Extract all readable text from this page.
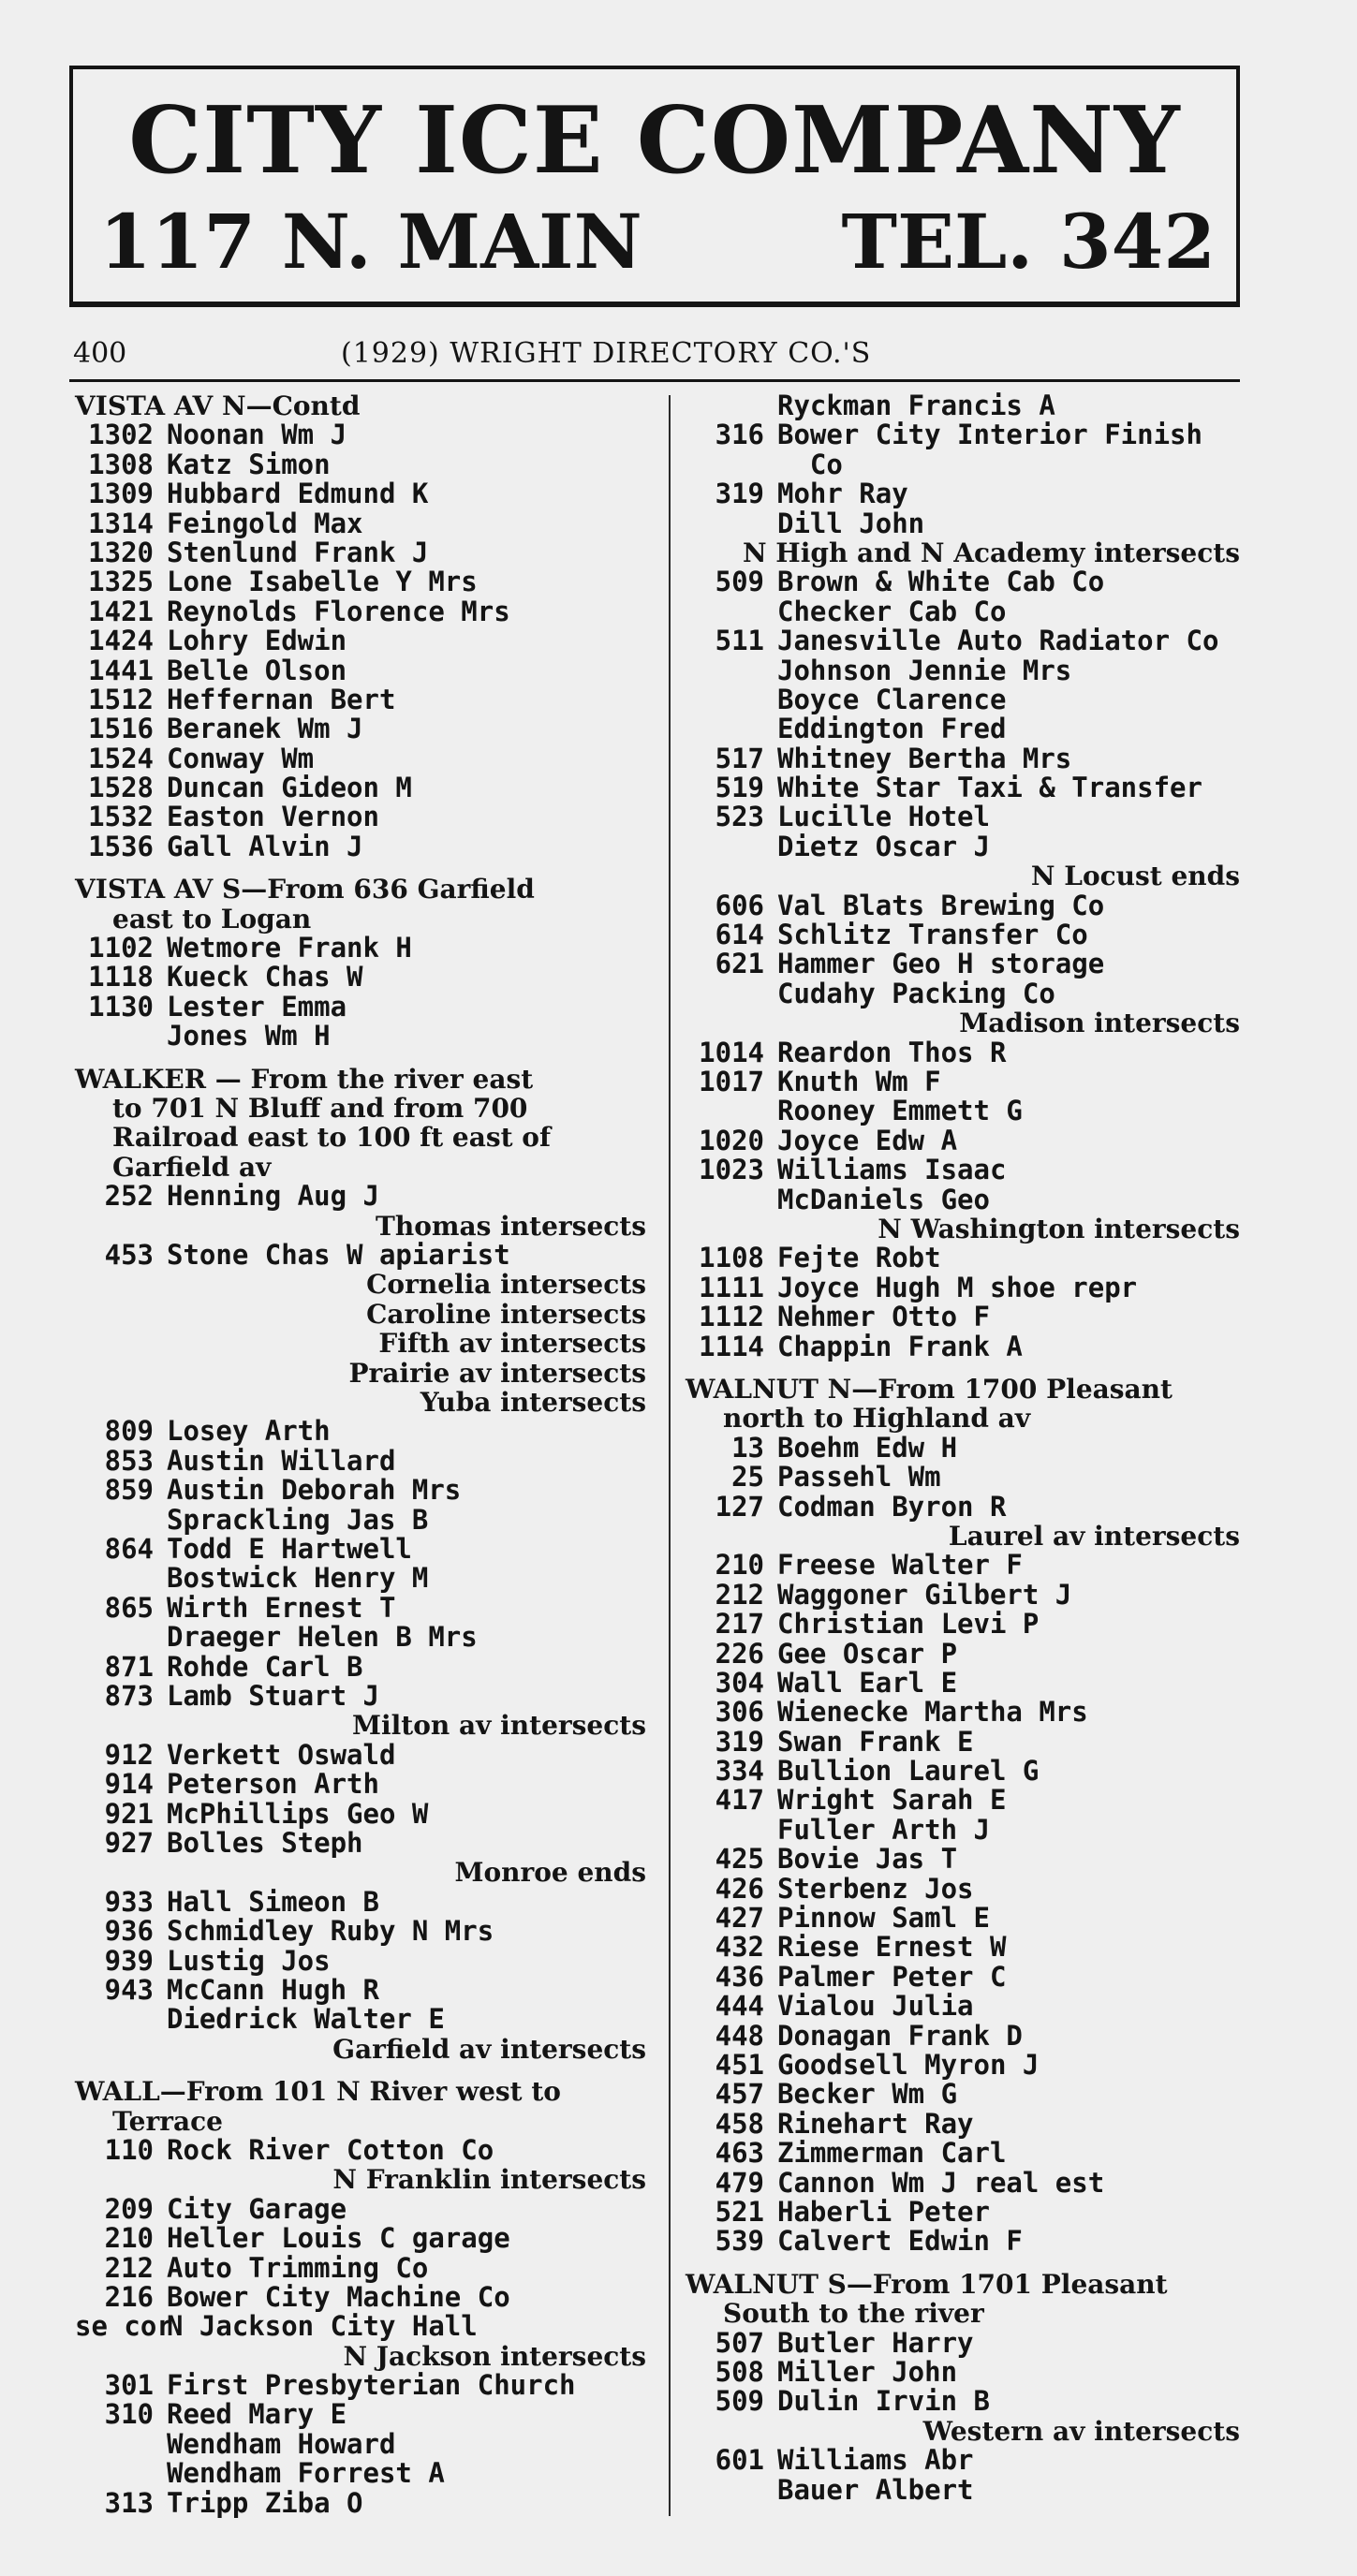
CITY ICE COMPANY
117 N. MAIN	TEL. 342
400	(1929) WRIGHT DIRECTORY CO.'S
VISTA AV N—Contd
1302 Noonan Wm J
1308 Katz Simon
1309 Hubbard Edmund K
1314 Feingold Max
1320 Stenlund Frank J
1325 Lone Isabelle Y Mrs
1421 Reynolds Florence Mrs
1424 Lohry Edwin
1441 Belle Olson
1512 Heffernan Bert
1516 Beranek Wm J
1524 Conway Wm
1528 Duncan Gideon M
1532 Easton Vernon
1536 Gall Alvin J
VISTA AV S—From 636 Garfield
east to Logan
1102 Wetmore Frank H
1118 Kueck Chas W
1130 Lester Emma
Jones Wm H
WALKER — From the river east
to 701 N Bluff and from 700
Railroad east to 100 ft east of
Garfield av
252 Henning Aug J
Thomas intersects
453 Stone Chas W apiarist
Cornelia intersects
Caroline intersects
Fifth av intersects
Prairie av intersects
Yuba intersects
809 Losey Arth
853 Austin Willard
859 Austin Deborah Mrs
Sprackling Jas B
864 Todd E Hartwell
Bostwick Henry M
865 Wirth Ernest T
Draeger Helen B Mrs
871 Rohde Carl B
873 Lamb Stuart J
Milton av intersects
912 Verkett Oswald
914 Peterson Arth
921 McPhillips Geo W
927 Bolles Steph
Monroe ends
933 Hall Simeon B
936 Schmidley Ruby N Mrs
939 Lustig Jos
943 McCann Hugh R
Diedrick Walter E
Garfield av intersects
WALL—From 101 N River west to
Terrace
110 Rock River Cotton Co
N Franklin intersects
209 City Garage
210 Heller Louis C garage
212 Auto Trimming Co
216 Bower City Machine Co
se corN Jackson City Hall
N Jackson intersects
301 First Presbyterian Church
310 Reed Mary E
Wendham Howard
Wendham Forrest A
313 Tripp Ziba O
Ryckman Francis A
316 Bower City Interior Finish
Co
319 Mohr Ray
Dill John
N High and N Academy intersects
509 Brown & White Cab Co
Checker Cab Co
511 Janesville Auto Radiator Co
Johnson Jennie Mrs
Boyce Clarence
Eddington Fred
517 Whitney Bertha Mrs
519 White Star Taxi & Transfer
523 Lucille Hotel
Dietz Oscar J
N Locust ends
606 Val Blats Brewing Co
614 Schlitz Transfer Co
621 Hammer Geo H storage
Cudahy Packing Co
Madison intersects
1014 Reardon Thos R
1017 Knuth Wm F
Rooney Emmett G
1020 Joyce Edw A
1023 Williams Isaac
McDaniels Geo
N Washington intersects
1108 Fejte Robt
1111 Joyce Hugh M shoe repr
1112 Nehmer Otto F
1114 Chappin Frank A
WALNUT N—From 1700 Pleasant
north to Highland av
13 Boehm Edw H
25 Passehl Wm
127 Codman Byron R
Laurel av intersects
210 Freese Walter F
212 Waggoner Gilbert J
217 Christian Levi P
226 Gee Oscar P
304 Wall Earl E
306 Wienecke Martha Mrs
319 Swan Frank E
334 Bullion Laurel G
417 Wright Sarah E
Fuller Arth J
425 Bovie Jas T
426 Sterbenz Jos
427 Pinnow Saml E
432 Riese Ernest W
436 Palmer Peter C
444 Vialou Julia
448 Donagan Frank D
451 Goodsell Myron J
457 Becker Wm G
458 Rinehart Ray
463 Zimmerman Carl
479 Cannon Wm J real est
521 Haberli Peter
539 Calvert Edwin F
WALNUT S—From 1701 Pleasant
South to the river
507 Butler Harry
508 Miller John
509 Dulin Irvin B
Western av intersects
601 Williams Abr
Bauer Albert
